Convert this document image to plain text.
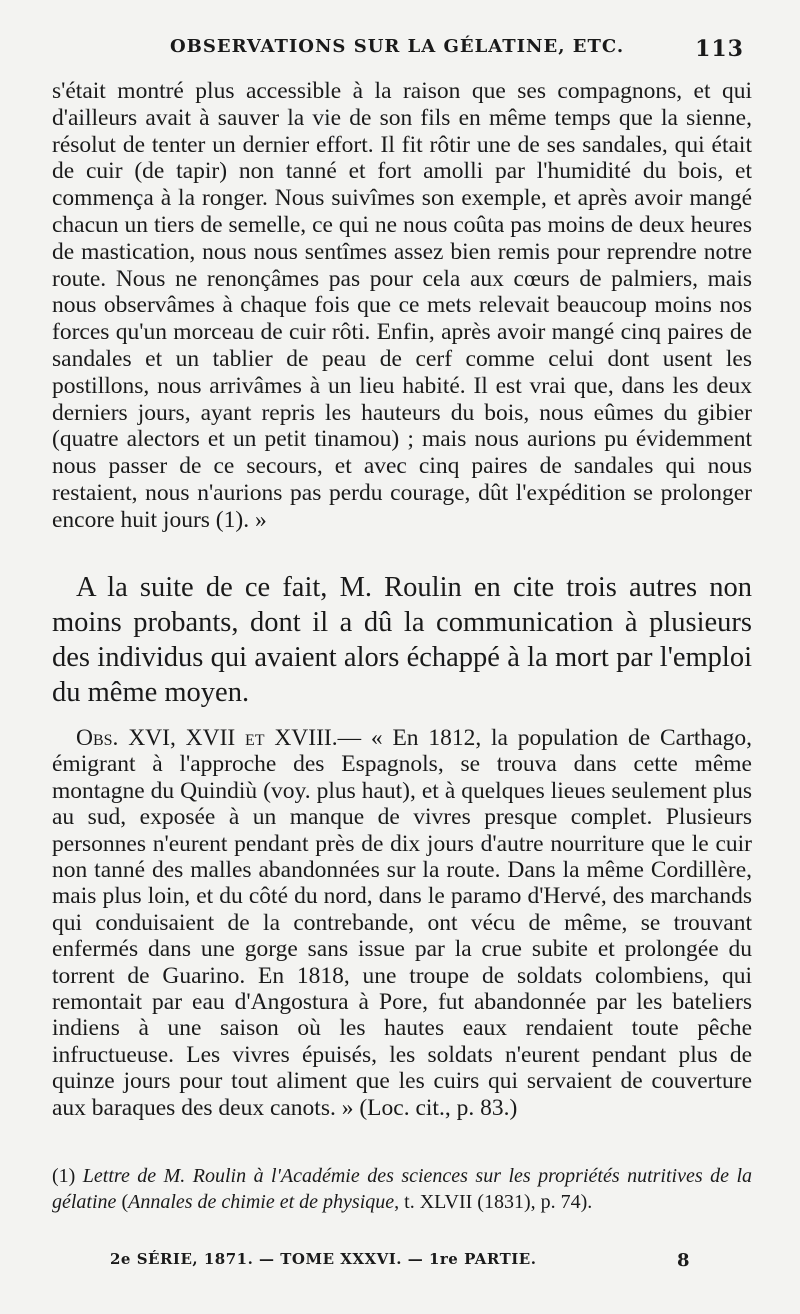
OBSERVATIONS SUR LA GÉLATINE, ETC.	113

s'était montré plus accessible à la raison que ses compagnons, et qui d'ailleurs avait à sauver la vie de son fils en même temps que la sienne, résolut de tenter un dernier effort. Il fit rôtir une de ses sandales, qui était de cuir (de tapir) non tanné et fort amolli par l'humidité du bois, et commença à la ronger. Nous suivîmes son exemple, et après avoir mangé chacun un tiers de semelle, ce qui ne nous coûta pas moins de deux heures de mastication, nous nous sentîmes assez bien remis pour reprendre notre route. Nous ne renonçâmes pas pour cela aux cœurs de palmiers, mais nous observâmes à chaque fois que ce mets relevait beaucoup moins nos forces qu'un morceau de cuir rôti. Enfin, après avoir mangé cinq paires de sandales et un tablier de peau de cerf comme celui dont usent les postillons, nous arrivâmes à un lieu habité. Il est vrai que, dans les deux derniers jours, ayant repris les hauteurs du bois, nous eûmes du gibier (quatre alectors et un petit tinamou) ; mais nous aurions pu évidemment nous passer de ce secours, et avec cinq paires de sandales qui nous restaient, nous n'aurions pas perdu courage, dût l'expédition se prolonger encore huit jours (1). »

A la suite de ce fait, M. Roulin en cite trois autres non moins probants, dont il a dû la communication à plusieurs des individus qui avaient alors échappé à la mort par l'emploi du même moyen.

Obs. XVI, XVII et XVIII.— « En 1812, la population de Carthago, émigrant à l'approche des Espagnols, se trouva dans cette même montagne du Quindiù (voy. plus haut), et à quelques lieues seulement plus au sud, exposée à un manque de vivres presque complet. Plusieurs personnes n'eurent pendant près de dix jours d'autre nourriture que le cuir non tanné des malles abandonnées sur la route. Dans la même Cordillère, mais plus loin, et du côté du nord, dans le paramo d'Hervé, des marchands qui conduisaient de la contrebande, ont vécu de même, se trouvant enfermés dans une gorge sans issue par la crue subite et prolongée du torrent de Guarino. En 1818, une troupe de soldats colombiens, qui remontait par eau d'Angostura à Pore, fut abandonnée par les bateliers indiens à une saison où les hautes eaux rendaient toute pêche infructueuse. Les vivres épuisés, les soldats n'eurent pendant plus de quinze jours pour tout aliment que les cuirs qui servaient de couverture aux baraques des deux canots. » (Loc. cit., p. 83.)

(1) Lettre de M. Roulin à l'Académie des sciences sur les propriétés nutritives de la gélatine (Annales de chimie et de physique, t. XLVII (1831), p. 74).

2e SÉRIE, 1871. — TOME XXXVI. — 1re PARTIE.	8
